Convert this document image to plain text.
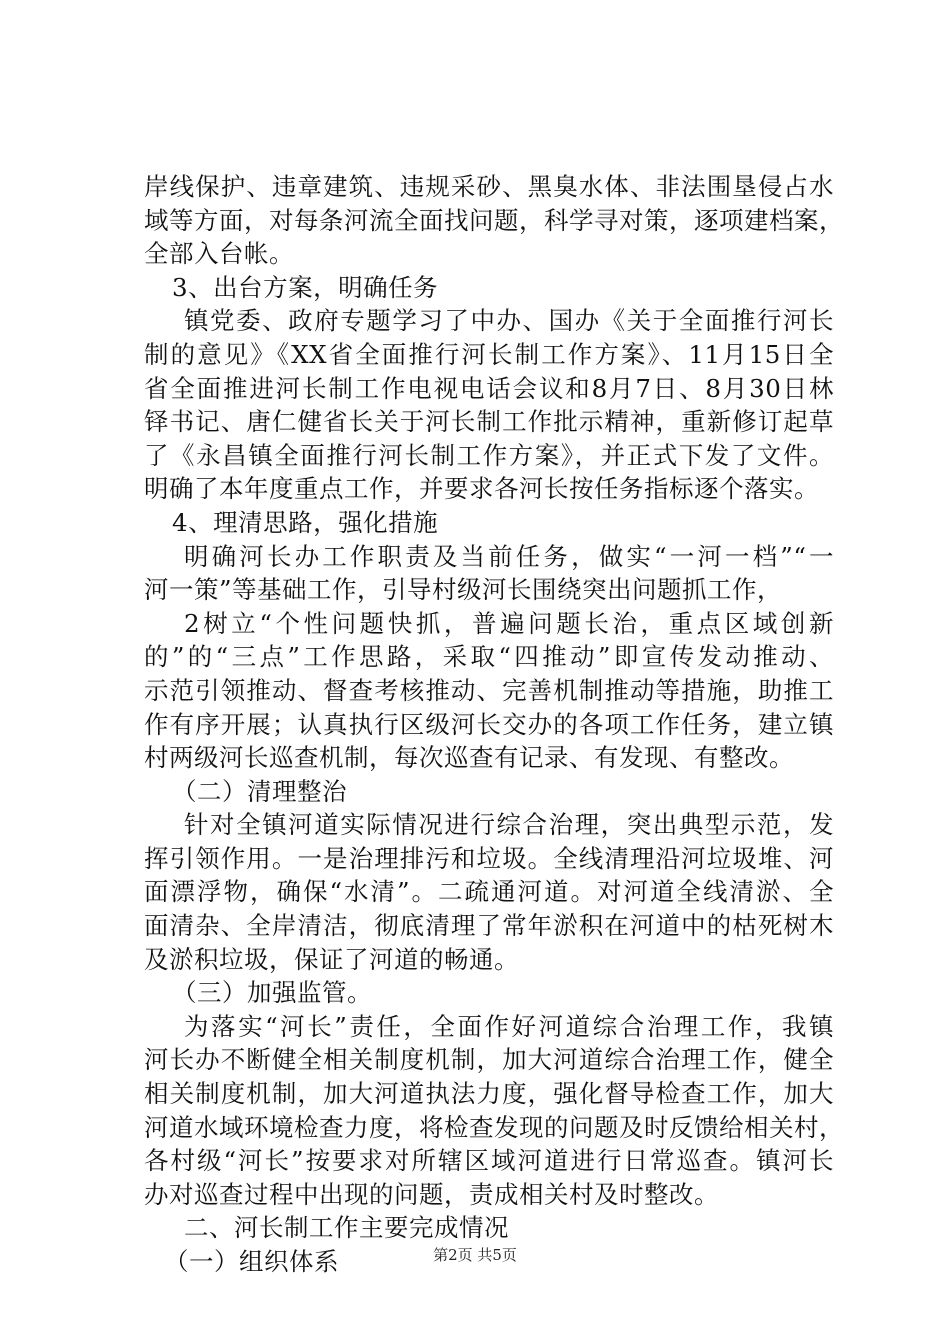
岸线保护、违章建筑、违规采砂、黑臭水体、非法围垦侵占水
域等方面，对每条河流全面找问题，科学寻对策，逐项建档案，
全部入台帐。
3、出台方案，明确任务
镇党委、政府专题学习了中办、国办《关于全面推行河长
制的意见》《XX省全面推行河长制工作方案》、11月15日全
省全面推进河长制工作电视电话会议和8月7日、8月30日林
铎书记、唐仁健省长关于河长制工作批示精神，重新修订起草
了《永昌镇全面推行河长制工作方案》，并正式下发了文件。
明确了本年度重点工作，并要求各河长按任务指标逐个落实。
4、理清思路，强化措施
明确河长办工作职责及当前任务，做实“一河一档”“一
河一策”等基础工作，引导村级河长围绕突出问题抓工作，
2树立“个性问题快抓，普遍问题长治，重点区域创新
的”的“三点”工作思路，采取“四推动”即宣传发动推动、
示范引领推动、督查考核推动、完善机制推动等措施，助推工
作有序开展；认真执行区级河长交办的各项工作任务，建立镇
村两级河长巡查机制，每次巡查有记录、有发现、有整改。
（二）清理整治
针对全镇河道实际情况进行综合治理，突出典型示范，发
挥引领作用。一是治理排污和垃圾。全线清理沿河垃圾堆、河
面漂浮物，确保“水清”。二疏通河道。对河道全线清淤、全
面清杂、全岸清洁，彻底清理了常年淤积在河道中的枯死树木
及淤积垃圾，保证了河道的畅通。
（三）加强监管。
为落实“河长”责任，全面作好河道综合治理工作，我镇
河长办不断健全相关制度机制，加大河道综合治理工作，健全
相关制度机制，加大河道执法力度，强化督导检查工作，加大
河道水域环境检查力度，将检查发现的问题及时反馈给相关村，
各村级“河长”按要求对所辖区域河道进行日常巡查。镇河长
办对巡查过程中出现的问题，责成相关村及时整改。
二、河长制工作主要完成情况
（一）组织体系	第2页 共5页
